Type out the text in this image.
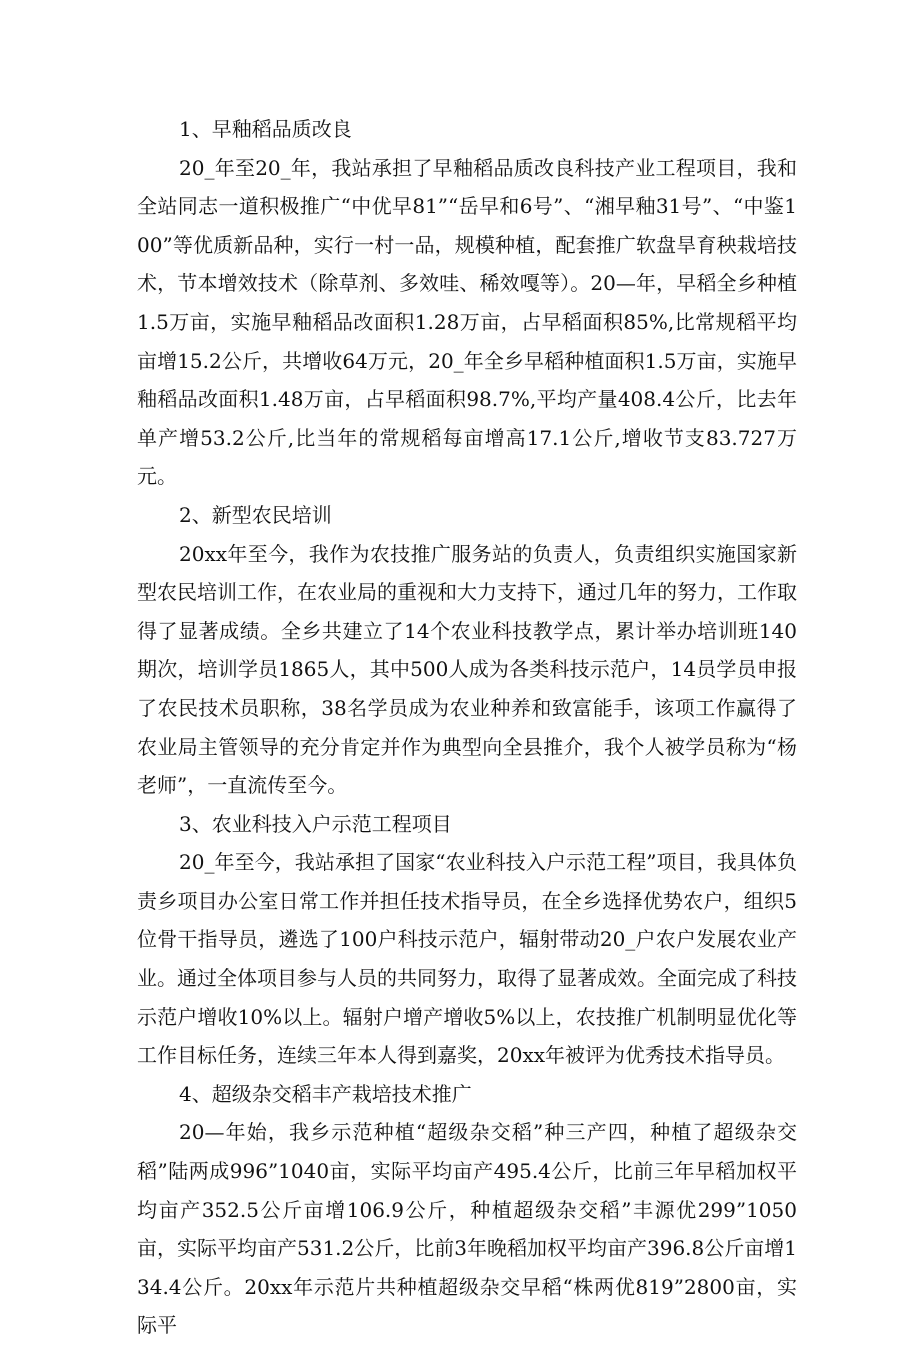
1、早釉稻品质改良

20_年至20_年，我站承担了早釉稻品质改良科技产业工程项目，我和全站同志一道积极推广“中优早81”“岳早和6号”、“湘早釉31号”、“中鉴100”等优质新品种，实行一村一品，规模种植，配套推广软盘旱育秧栽培技术，节本增效技术（除草剂、多效哇、稀效嘎等）。20—年，早稻全乡种植1.5万亩，实施早釉稻品改面积1.28万亩，占早稻面积85%,比常规稻平均亩增15.2公斤，共增收64万元，20_年全乡早稻种植面积1.5万亩，实施早釉稻品改面积1.48万亩，占早稻面积98.7%,平均产量408.4公斤，比去年单产增53.2公斤,比当年的常规稻每亩增高17.1公斤,增收节支83.727万元。

2、新型农民培训

20xx年至今，我作为农技推广服务站的负责人，负责组织实施国家新型农民培训工作，在农业局的重视和大力支持下，通过几年的努力，工作取得了显著成绩。全乡共建立了14个农业科技教学点，累计举办培训班140期次，培训学员1865人，其中500人成为各类科技示范户，14员学员申报了农民技术员职称，38名学员成为农业种养和致富能手，该项工作赢得了农业局主管领导的充分肯定并作为典型向全县推介，我个人被学员称为“杨老师”，一直流传至今。

3、农业科技入户示范工程项目

20_年至今，我站承担了国家“农业科技入户示范工程”项目，我具体负责乡项目办公室日常工作并担任技术指导员，在全乡选择优势农户，组织5位骨干指导员，遴选了100户科技示范户，辐射带动20_户农户发展农业产业。通过全体项目参与人员的共同努力，取得了显著成效。全面完成了科技示范户增收10%以上。辐射户增产增收5%以上，农技推广机制明显优化等工作目标任务，连续三年本人得到嘉奖，20xx年被评为优秀技术指导员。

4、超级杂交稻丰产栽培技术推广

20—年始，我乡示范种植“超级杂交稻”种三产四，种植了超级杂交稻”陆两成996”1040亩，实际平均亩产495.4公斤，比前三年早稻加权平均亩产352.5公斤亩增106.9公斤，种植超级杂交稻”丰源优299”1050亩，实际平均亩产531.2公斤，比前3年晚稻加权平均亩产396.8公斤亩增134.4公斤。20xx年示范片共种植超级杂交早稻“株两优819”2800亩，实际平
